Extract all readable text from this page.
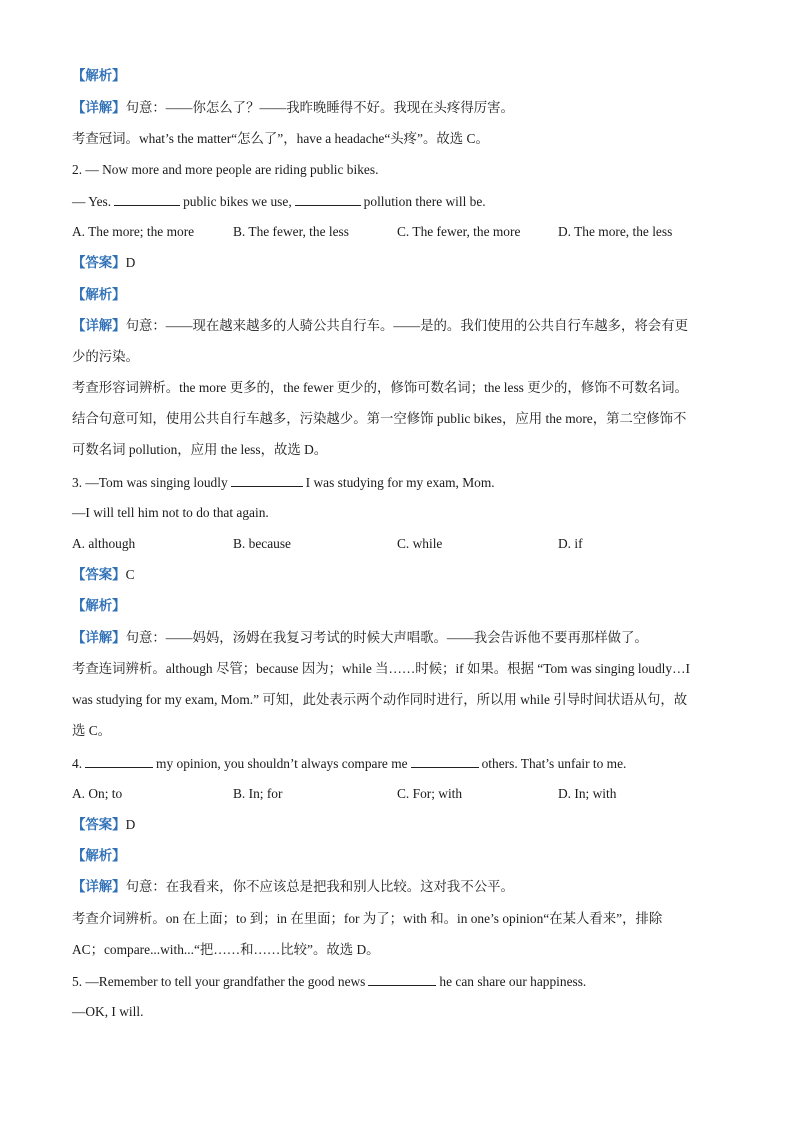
【解析】
【详解】句意：——你怎么了？——我昨晚睡得不好。我现在头疼得厉害。
考查冠词。what’s the matter“怎么了”，have a headache“头疼”。故选 C。
2. — Now more and more people are riding public bikes.
— Yes.	public bikes we use,	pollution there will be.
A. The more; the more	B. The fewer, the less	C. The fewer, the more	D. The more, the less
【答案】D
【解析】
【详解】句意：——现在越来越多的人骑公共自行车。——是的。我们使用的公共自行车越多，将会有更
少的污染。
考查形容词辨析。the more 更多的，the fewer 更少的，修饰可数名词；the less 更少的，修饰不可数名词。
结合句意可知，使用公共自行车越多，污染越少。第一空修饰 public bikes，应用 the more，第二空修饰不
可数名词 pollution，应用 the less，故选 D。
3. —Tom was singing loudly	I was studying for my exam, Mom.
—I will tell him not to do that again.
A. although	B. because	C. while	D. if
【答案】C
【解析】
【详解】句意：——妈妈，汤姆在我复习考试的时候大声唱歌。——我会告诉他不要再那样做了。
考查连词辨析。although 尽管；because 因为；while 当……时候；if 如果。根据 “Tom was singing loudly…I
was studying for my exam, Mom.” 可知，此处表示两个动作同时进行，所以用 while 引导时间状语从句，故
选 C。
4.	my opinion, you shouldn’t always compare me	others. That’s unfair to me.
A. On; to	B. In; for	C. For; with	D. In; with
【答案】D
【解析】
【详解】句意：在我看来，你不应该总是把我和别人比较。这对我不公平。
考查介词辨析。on 在上面；to 到；in 在里面；for 为了；with 和。in one’s opinion“在某人看来”，排除
AC；compare...with...“把……和……比较”。故选 D。
5. —Remember to tell your grandfather the good news	he can share our happiness.
—OK, I will.
